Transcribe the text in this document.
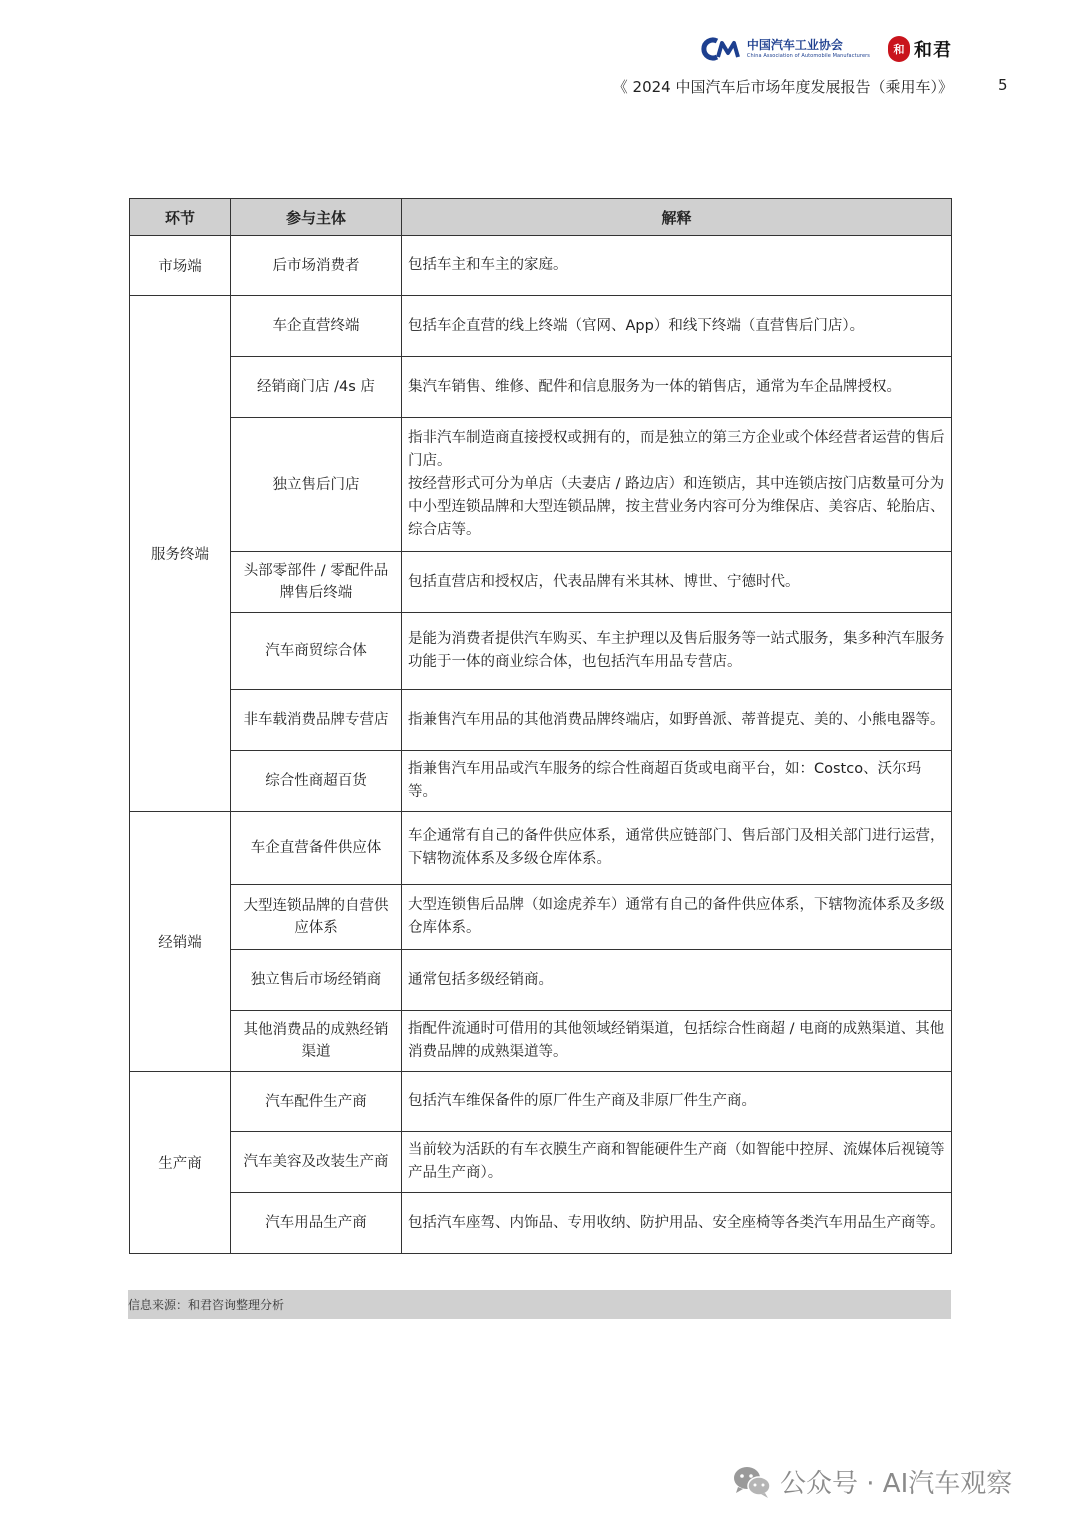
中国汽车工业协会
China Association of Automobile Manufacturers	和 和君
《 2024 中国汽车后市场年度发展报告（乘用车）》	5
环节	参与主体	解释
市场端	后市场消费者	包括车主和车主的家庭。

服务终端	车企直营终端	包括车企直营的线上终端（官网、App）和线下终端（直营售后门店）。

	经销商门店 /4s 店	集汽车销售、维修、配件和信息服务为一体的销售店，通常为车企品牌授权。

	独立售后门店	指非汽车制造商直接授权或拥有的，而是独立的第三方企业或个体经营者运营的售后门店。
按经营形式可分为单店（夫妻店 / 路边店）和连锁店，其中连锁店按门店数量可分为中小型连锁品牌和大型连锁品牌，按主营业务内容可分为维保店、美容店、轮胎店、综合店等。

	头部零部件 / 零配件品牌售后终端	包括直营店和授权店，代表品牌有米其林、博世、宁德时代。

	汽车商贸综合体	是能为消费者提供汽车购买、车主护理以及售后服务等一站式服务，集多种汽车服务功能于一体的商业综合体，也包括汽车用品专营店。

	非车载消费品牌专营店	指兼售汽车用品的其他消费品牌终端店，如野兽派、蒂普提克、美的、小熊电器等。

	综合性商超百货	指兼售汽车用品或汽车服务的综合性商超百货或电商平台，如：Costco、沃尔玛等。

经销端	车企直营备件供应体	车企通常有自己的备件供应体系，通常供应链部门、售后部门及相关部门进行运营，下辖物流体系及多级仓库体系。

	大型连锁品牌的自营供应体系	大型连锁售后品牌（如途虎养车）通常有自己的备件供应体系，下辖物流体系及多级仓库体系。

	独立售后市场经销商	通常包括多级经销商。

	其他消费品的成熟经销渠道	指配件流通时可借用的其他领域经销渠道，包括综合性商超 / 电商的成熟渠道、其他消费品牌的成熟渠道等。

生产商	汽车配件生产商	包括汽车维保备件的原厂件生产商及非原厂件生产商。

	汽车美容及改装生产商	当前较为活跃的有车衣膜生产商和智能硬件生产商（如智能中控屏、流媒体后视镜等产品生产商）。

	汽车用品生产商	包括汽车座驾、内饰品、专用收纳、防护用品、安全座椅等各类汽车用品生产商等。
信息来源：和君咨询整理分析
公众号 · AI汽车观察
